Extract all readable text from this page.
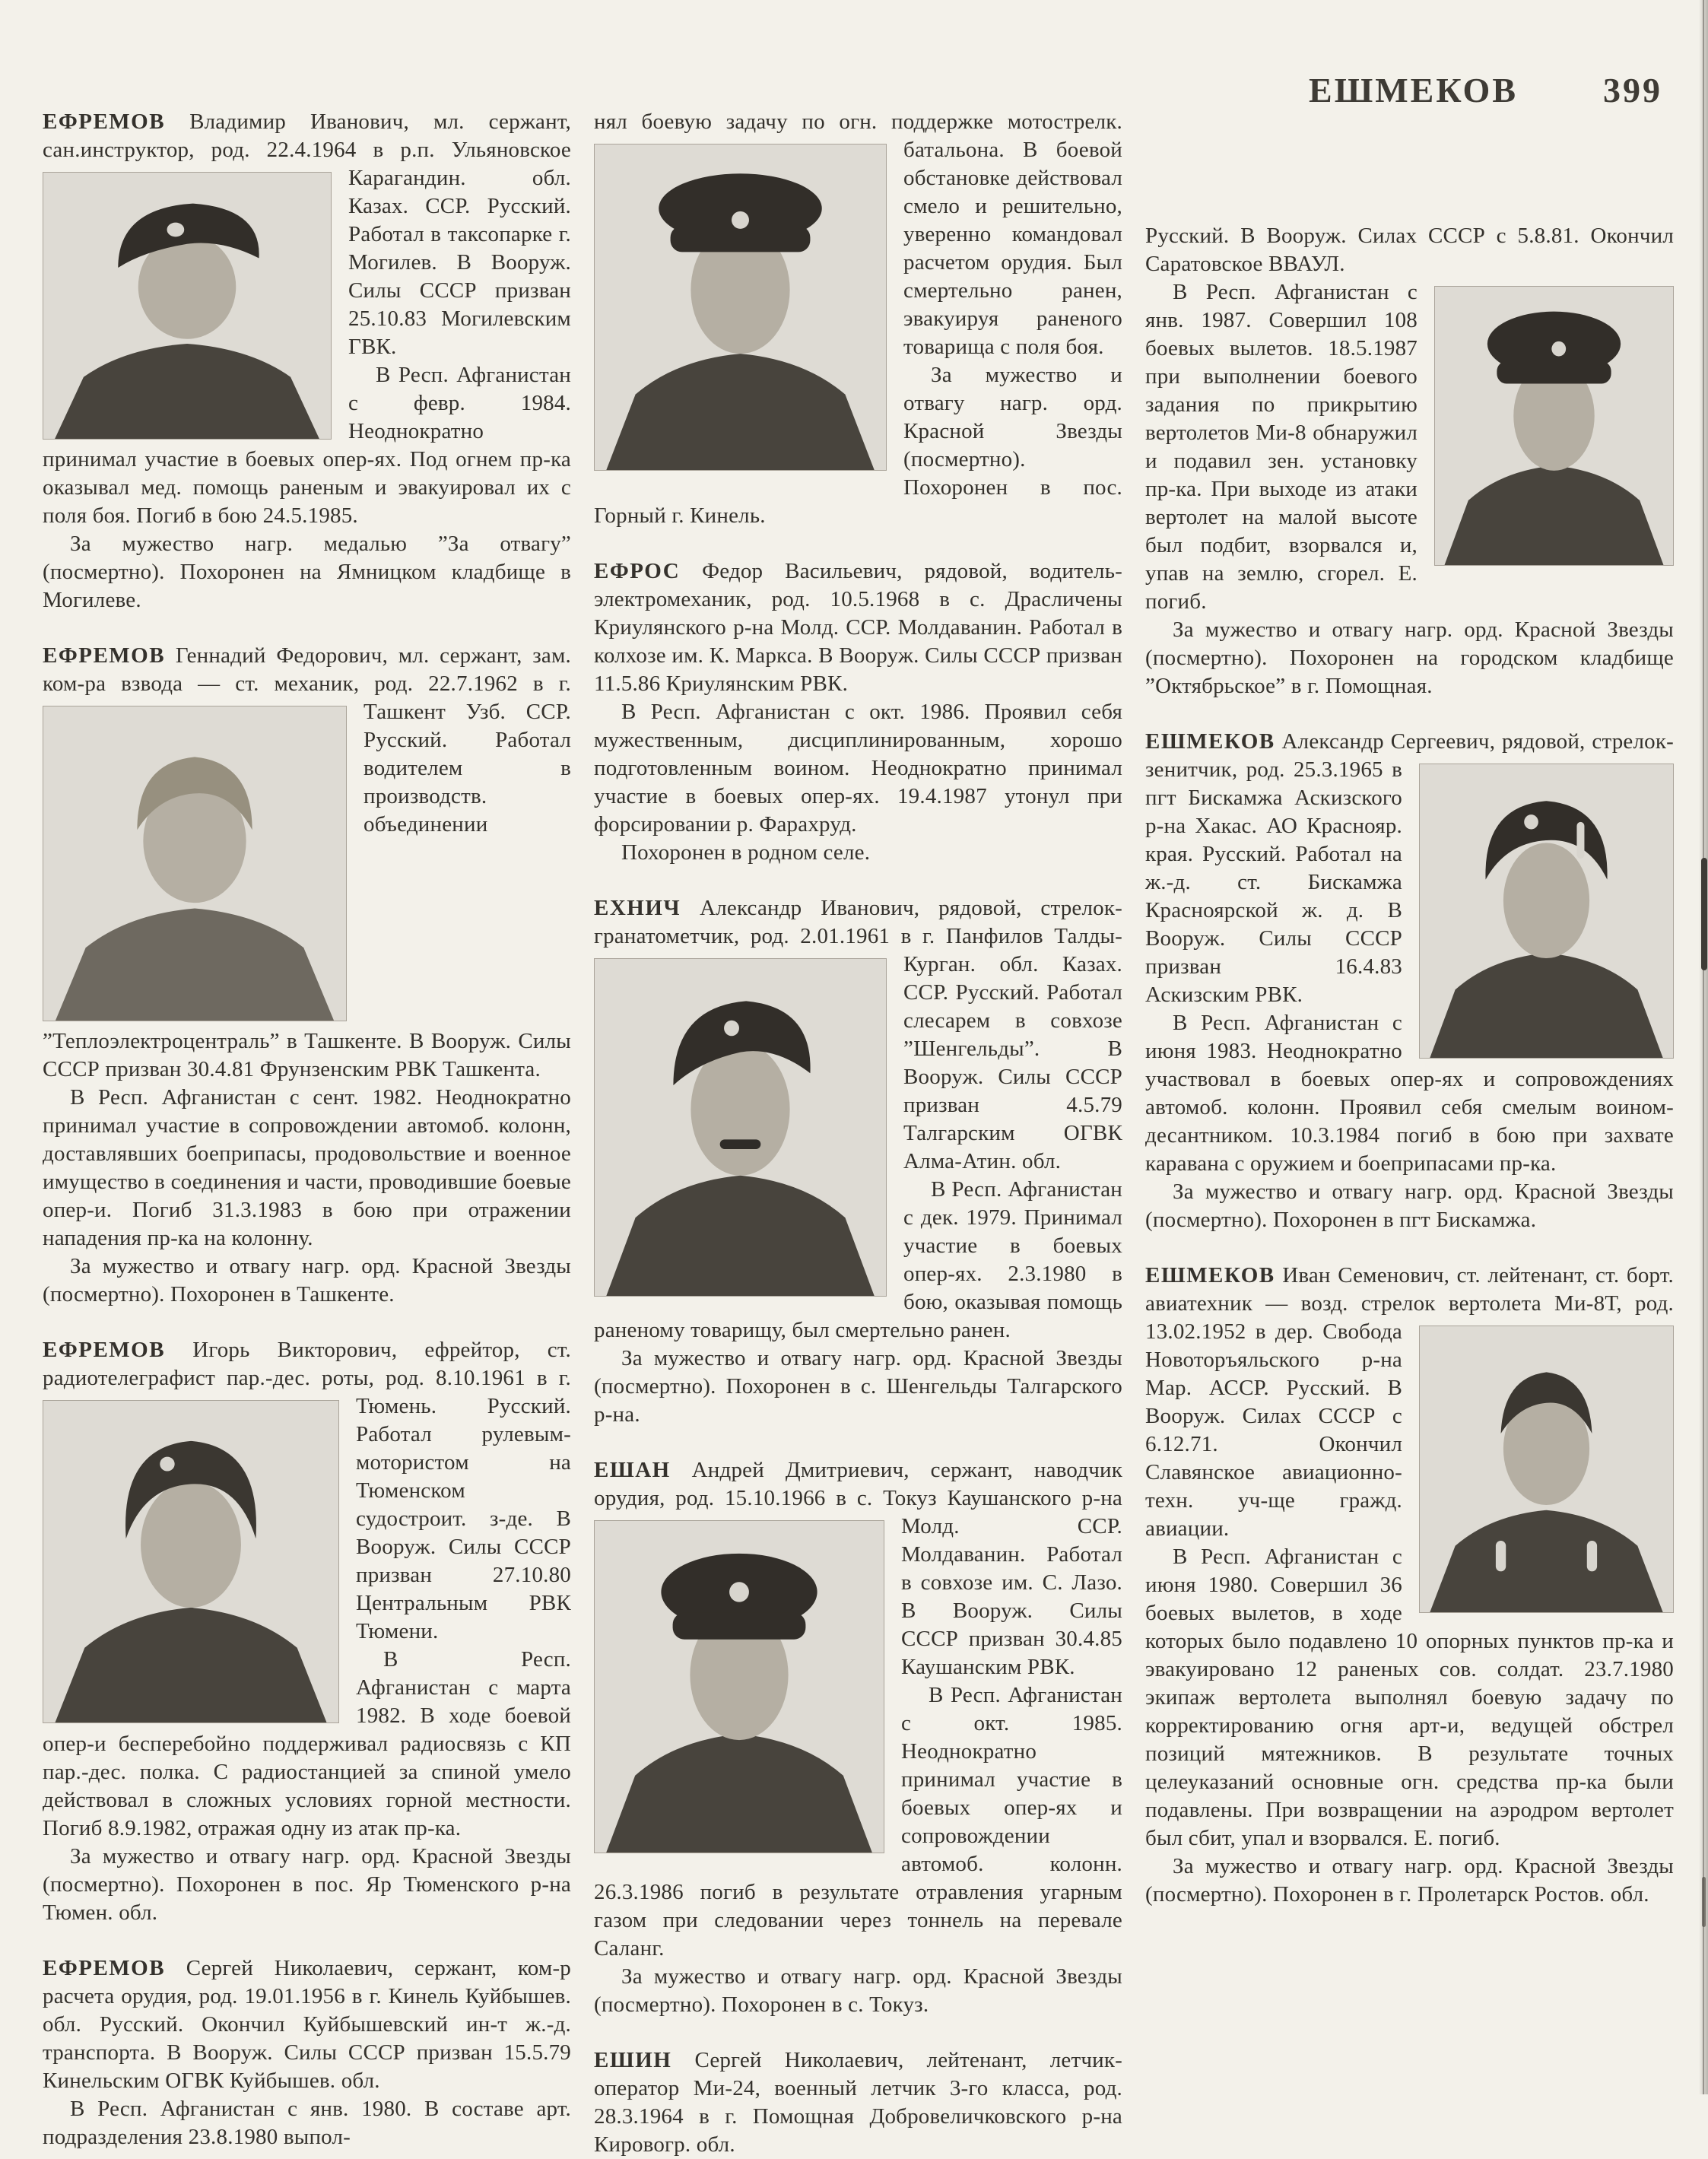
ЕШМЕКОВ 399

ЕФРЕМОВ Владимир Иванович, мл. сержант, сан.инструктор, род. 22.4.1964 в р.п. Ульяновское Карагандин. обл. Казах. ССР. Русский. Работал в таксопарке г. Могилев. В Вооруж. Силы СССР призван 25.10.83 Могилевским ГВК.

В Респ. Афганистан с февр. 1984. Неоднократно принимал участие в боевых опер-ях. Под огнем пр-ка оказывал мед. помощь раненым и эвакуировал их с поля боя. Погиб в бою 24.5.1985.

За мужество нагр. медалью ”За отвагу” (посмертно). Похоронен на Ямницком кладбище в Могилеве.

ЕФРЕМОВ Геннадий Федорович, мл. сержант, зам. ком-ра взвода — ст. механик, род. 22.7.1962 в г. Ташкент Узб. ССР. Русский. Работал водителем в производств. объединении ”Теплоэлектроцентраль” в Ташкенте. В Вооруж. Силы СССР призван 30.4.81 Фрунзенским РВК Ташкента.

В Респ. Афганистан с сент. 1982. Неоднократно принимал участие в сопровождении автомоб. колонн, доставлявших боеприпасы, продовольствие и военное имущество в соединения и части, проводившие боевые опер-и. Погиб 31.3.1983 в бою при отражении нападения пр-ка на колонну.

За мужество и отвагу нагр. орд. Красной Звезды (посмертно). Похоронен в Ташкенте.

ЕФРЕМОВ Игорь Викторович, ефрейтор, ст. радиотелеграфист пар.-дес. роты, род. 8.10.1961 в г. Тюмень. Русский. Работал рулевым-мотористом на Тюменском судостроит. з-де. В Вооруж. Силы СССР призван 27.10.80 Центральным РВК Тюмени.

В Респ. Афганистан с марта 1982. В ходе боевой опер-и бесперебойно поддерживал радиосвязь с КП пар.-дес. полка. С радиостанцией за спиной умело действовал в сложных условиях горной местности. Погиб 8.9.1982, отражая одну из атак пр-ка.

За мужество и отвагу нагр. орд. Красной Звезды (посмертно). Похоронен в пос. Яр Тюменского р-на Тюмен. обл.

ЕФРЕМОВ Сергей Николаевич, сержант, ком-р расчета орудия, род. 19.01.1956 в г. Кинель Куйбышев. обл. Русский. Окончил Куйбышевский ин-т ж.-д. транспорта. В Вооруж. Силы СССР призван 15.5.79 Кинельским ОГВК Куйбышев. обл.

В Респ. Афганистан с янв. 1980. В составе арт. подразделения 23.8.1980 выпол-

нял боевую задачу по огн. поддержке мотострелк. батальона. В боевой обстановке действовал смело и решительно, уверенно командовал расчетом орудия. Был смертельно ранен, эвакуируя раненого товарища с поля боя.

За мужество и отвагу нагр. орд. Красной Звезды (посмертно). Похоронен в пос. Горный г. Кинель.

ЕФРОС Федор Васильевич, рядовой, водитель-электромеханик, род. 10.5.1968 в с. Драсличены Криулянского р-на Молд. ССР. Молдаванин. Работал в колхозе им. К. Маркса. В Вооруж. Силы СССР призван 11.5.86 Криулянским РВК.

В Респ. Афганистан с окт. 1986. Проявил себя мужественным, дисциплинированным, хорошо подготовленным воином. Неоднократно принимал участие в боевых опер-ях. 19.4.1987 утонул при форсировании р. Фарахруд.

Похоронен в родном селе.

ЕХНИЧ Александр Иванович, рядовой, стрелок-гранатометчик, род. 2.01.1961 в г. Панфилов Талды-Курган. обл. Казах. ССР. Русский. Работал слесарем в совхозе ”Шенгельды”. В Вооруж. Силы СССР призван 4.5.79 Талгарским ОГВК Алма-Атин. обл.

В Респ. Афганистан с дек. 1979. Принимал участие в боевых опер-ях. 2.3.1980 в бою, оказывая помощь раненому товарищу, был смертельно ранен.

За мужество и отвагу нагр. орд. Красной Звезды (посмертно). Похоронен в с. Шенгельды Талгарского р-на.

ЕШАН Андрей Дмитриевич, сержант, наводчик орудия, род. 15.10.1966 в с. Токуз Каушанского р-на Молд. ССР. Молдаванин. Работал в совхозе им. С. Лазо. В Вооруж. Силы СССР призван 30.4.85 Каушанским РВК.

В Респ. Афганистан с окт. 1985. Неоднократно принимал участие в боевых опер-ях и сопровождении автомоб. колонн. 26.3.1986 погиб в результате отравления угарным газом при следовании через тоннель на перевале Саланг.

За мужество и отвагу нагр. орд. Красной Звезды (посмертно). Похоронен в с. Токуз.

ЕШИН Сергей Николаевич, лейтенант, летчик-оператор Ми-24, военный летчик 3-го класса, род. 28.3.1964 в г. Помощная Добровеличковского р-на Кировогр. обл.

Русский. В Вооруж. Силах СССР с 5.8.81. Окончил Саратовское ВВАУЛ.

В Респ. Афганистан с янв. 1987. Совершил 108 боевых вылетов. 18.5.1987 при выполнении боевого задания по прикрытию вертолетов Ми-8 обнаружил и подавил зен. установку пр-ка. При выходе из атаки вертолет на малой высоте был подбит, взорвался и, упав на землю, сгорел. Е. погиб.

За мужество и отвагу нагр. орд. Красной Звезды (посмертно). Похоронен на городском кладбище ”Октябрьское” в г. Помощная.

ЕШМЕКОВ Александр Сергеевич, рядовой, стрелок-зенитчик, род. 25.3.1965 в
пгт Бискамжа Аскизского р-на Хакас. АО Краснояр. края. Русский. Работал на ж.-д. ст. Бискамжа Красноярской ж. д. В Вооруж. Силы СССР призван 16.4.83 Аскизским РВК.

В Респ. Афганистан с июня 1983. Неоднократно участвовал в боевых опер-ях и сопровождениях автомоб. колонн. Проявил себя смелым воином-десантником. 10.3.1984 погиб в бою при захвате каравана с оружием и боеприпасами пр-ка.

За мужество и отвагу нагр. орд. Красной Звезды (посмертно). Похоронен в пгт Бискамжа.

ЕШМЕКОВ Иван Семенович, ст. лейтенант, ст. борт. авиатехник — возд. стрелок вертолета Ми-8Т, род. 13.02.1952 в дер. Свобода Новоторъяльского р-на Мар. АССР. Русский. В Вооруж. Силах СССР с 6.12.71. Окончил Славянское авиационно-техн. уч-ще гражд. авиации.

В Респ. Афганистан с июня 1980. Совершил 36 боевых вылетов, в ходе которых было подавлено 10 опорных пунктов пр-ка и эвакуировано 12 раненых сов. солдат. 23.7.1980 экипаж вертолета выполнял боевую задачу по корректированию огня арт-и, ведущей обстрел позиций мятежников. В результате точных целеуказаний основные огн. средства пр-ка были подавлены. При возвращении на аэродром вертолет был сбит, упал и взорвался. Е. погиб.

За мужество и отвагу нагр. орд. Красной Звезды (посмертно). Похоронен в г. Пролетарск Ростов. обл.
